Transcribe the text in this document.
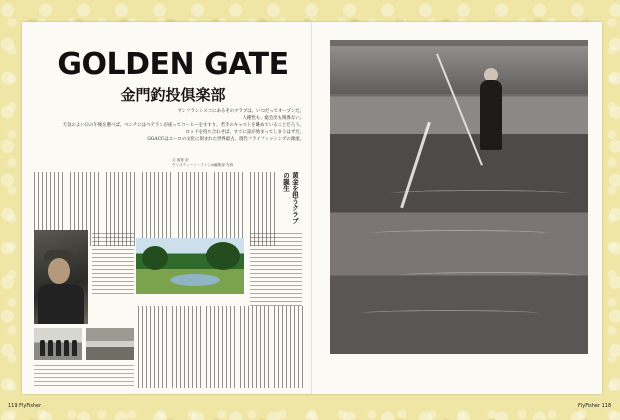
GOLDEN GATE
金門釣投俱楽部

サンフランシスコにあるそのクラブは、いつだってオープンだ。

人種性も、総会出も関係ない。

天気のよい日の午後を選べば、ベンチにはベテランが座ってコーヒーをすすり、若手のキャストを眺めていることだろう。

ロッドを持ち合わせば、すぐに話が始まってしまうはずだ。

GGACCはユーロの文化に刻まれた世界最古、現代フライフィッシングの源流。

文 坂巻 訳
クリスティーン・ファン&編集部 写真
黄金を担うクラブの誕生
119 FlyFisher	FlyFisher 118
